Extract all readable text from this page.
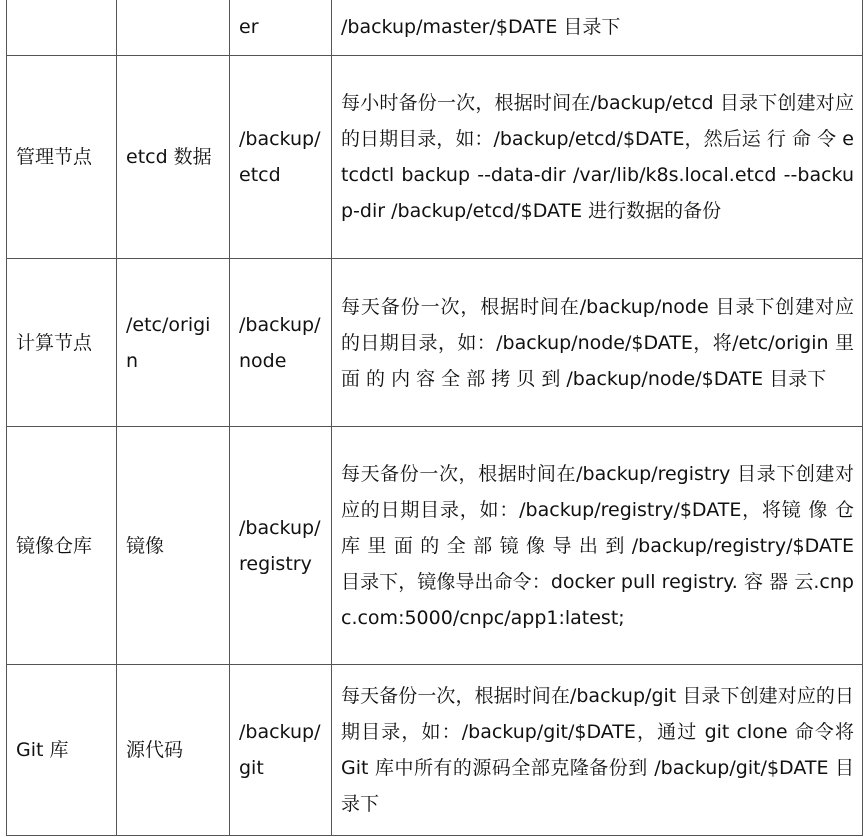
		er	/backup/master/$DATE 目录下
管理节点	etcd 数据	/backup/etcd	每小时备份一次，根据时间在/backup/etcd 目录下创建对应的日期目录，如：/backup/etcd/$DATE，然后运 行 命 令 etcdctl backup --data-dir /var/lib/k8s.local.etcd --backup-dir /backup/etcd/$DATE 进行数据的备份
计算节点	/etc/origin	/backup/node	每天备份一次，根据时间在/backup/node 目录下创建对应的日期目录，如：/backup/node/$DATE，将/etc/origin 里 面 的 内 容 全 部 拷 贝 到 /backup/node/$DATE 目录下
镜像仓库	镜像	/backup/registry	每天备份一次，根据时间在/backup/registry 目录下创建对应的日期目录，如：/backup/registry/$DATE，将镜 像 仓 库 里 面 的 全 部 镜 像 导 出 到 /backup/registry/$DATE 目录下，镜像导出命令：docker pull registry. 容 器 云.cnpc.com:5000/cnpc/app1:latest;
Git 库	源代码	/backup/git	每天备份一次，根据时间在/backup/git 目录下创建对应的日期目录，如：/backup/git/$DATE，通过 git clone 命令将 Git 库中所有的源码全部克隆备份到 /backup/git/$DATE 目录下
